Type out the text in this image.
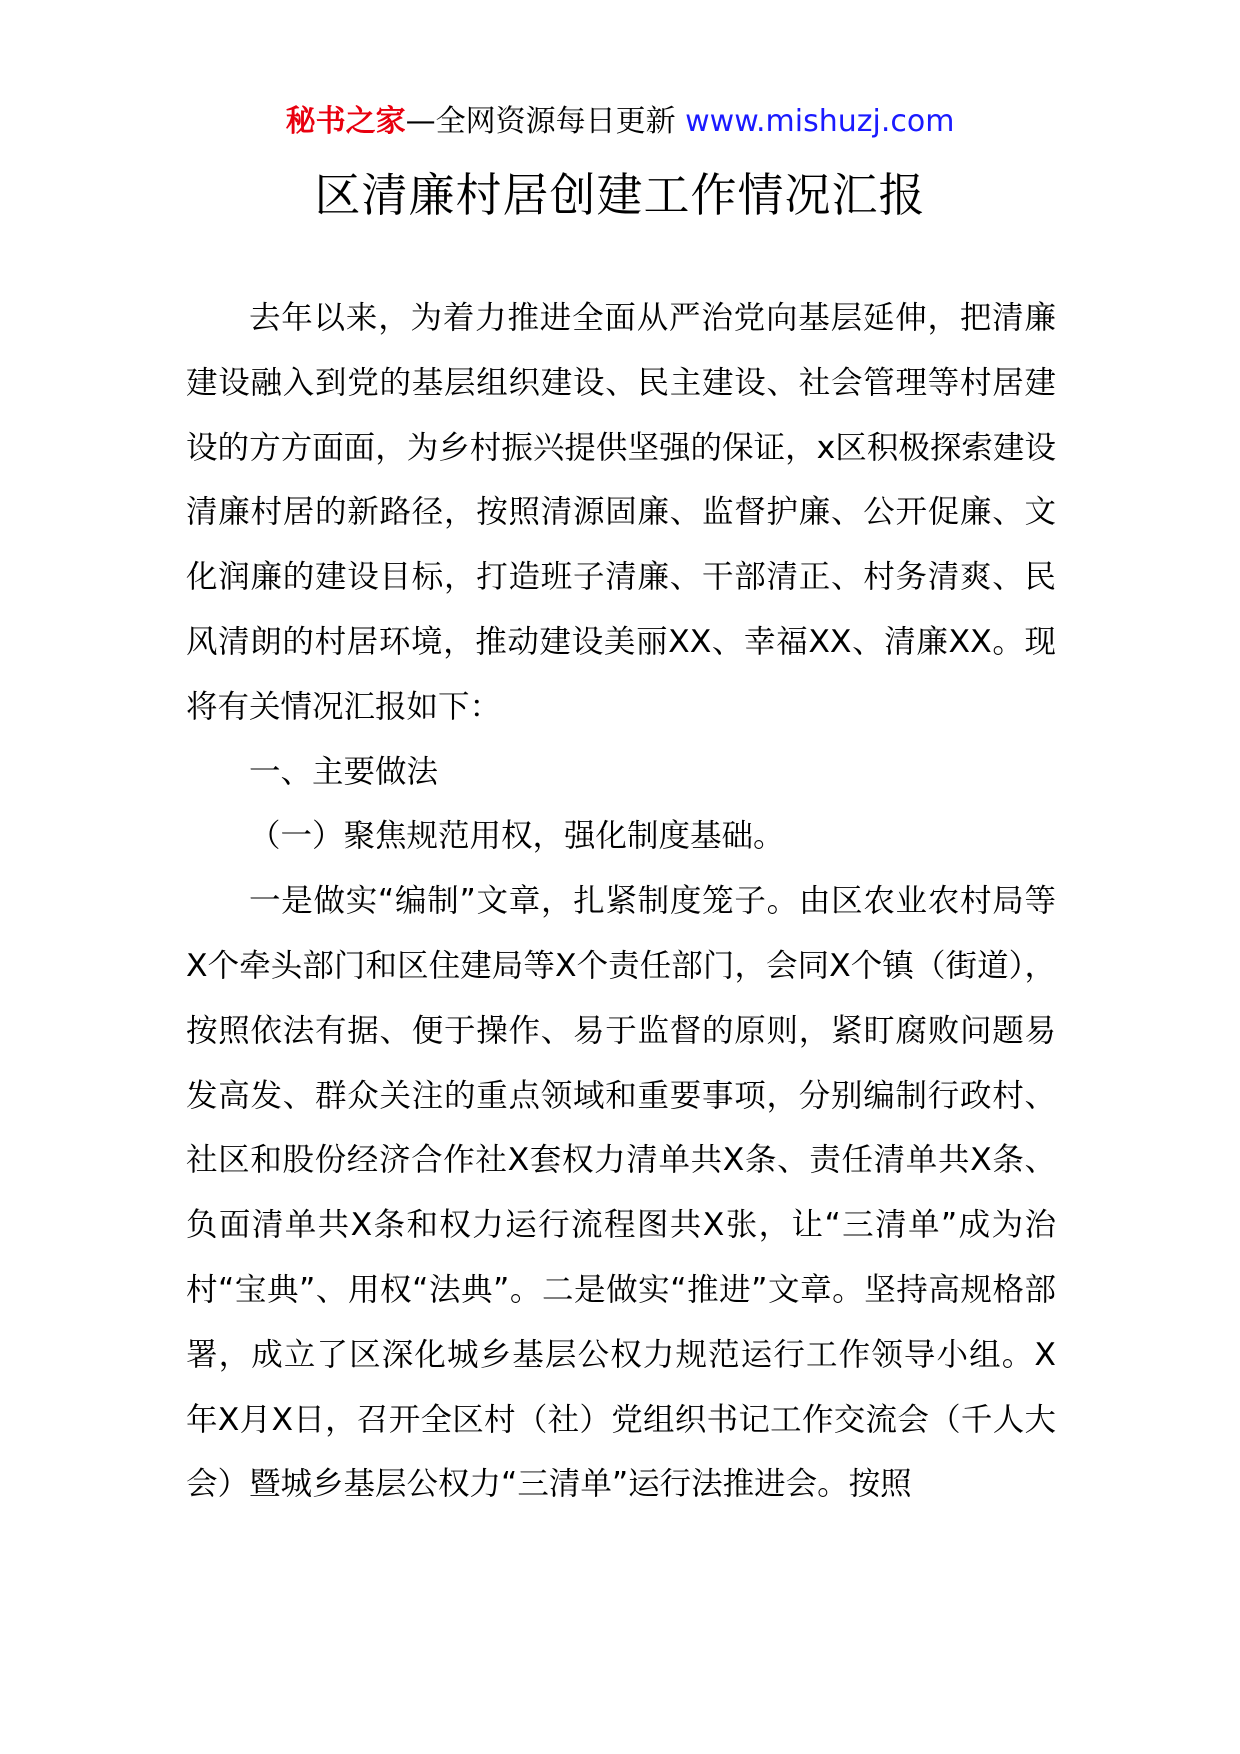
秘书之家—全网资源每日更新 www.mishuzj.com
区清廉村居创建工作情况汇报

去年以来，为着力推进全面从严治党向基层延伸，把清廉建设融入到党的基层组织建设、民主建设、社会管理等村居建设的方方面面，为乡村振兴提供坚强的保证，x区积极探索建设清廉村居的新路径，按照清源固廉、监督护廉、公开促廉、文化润廉的建设目标，打造班子清廉、干部清正、村务清爽、民风清朗的村居环境，推动建设美丽XX、幸福XX、清廉XX。现将有关情况汇报如下：

一、主要做法

（一）聚焦规范用权，强化制度基础。

一是做实“编制”文章，扎紧制度笼子。由区农业农村局等X个牵头部门和区住建局等X个责任部门，会同X个镇（街道），按照依法有据、便于操作、易于监督的原则，紧盯腐败问题易发高发、群众关注的重点领域和重要事项，分别编制行政村、社区和股份经济合作社X套权力清单共X条、责任清单共X条、负面清单共X条和权力运行流程图共X张，让“三清单”成为治村“宝典”、用权“法典”。二是做实“推进”文章。坚持高规格部署，成立了区深化城乡基层公权力规范运行工作领导小组。X年X月X日，召开全区村（社）党组织书记工作交流会（千人大会）暨城乡基层公权力“三清单”运行法推进会。按照
